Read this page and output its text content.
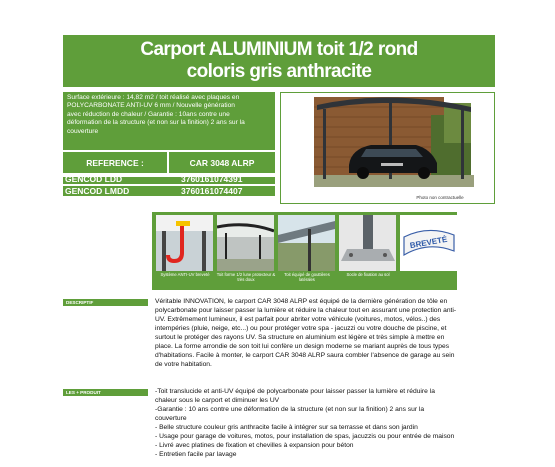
Carport ALUMINIUM toit 1/2 rond
coloris gris anthracite
Surface extérieure : 14,82 m2 / toit réalisé avec plaques en
POLYCARBONATE ANTI-UV 6 mm / Nouvelle génération
avec réduction de chaleur / Garantie : 10ans contre une
déformation de la structure (et non sur la finition) 2 ans sur la
couverture
REFERENCE :	CAR 3048 ALRP
GENCOD LDD	3760161074391
GENCOD LMDD	3760161074407
Photo non contractuelle
Système ANTI-UV breveté	Toit forme 1/2 lune protecteur & très doux
Toit équipé de gouttières latérales
Socle de fixation au sol
BREVETÉ
DESCRIPTIF	Véritable INNOVATION, le carport CAR 3048 ALRP est équipé de la dernière génération de tôle en
polycarbonate pour laisser passer la lumière et réduire la chaleur tout en assurant une protection anti-
UV. Extrêmement lumineux, il est parfait pour abriter votre véhicule (voitures, motos, vélos..) des
intempéries (pluie, neige, etc...) ou pour protéger votre spa - jacuzzi ou votre douche de piscine, et
surtout le protéger des rayons UV. Sa structure en aluminium est légère et très simple à mettre en
place. La forme arrondie de son toit lui confère un design moderne se mariant auprès de tous types
d'habitations. Facile à monter, le carport CAR 3048 ALRP saura combler l'absence de garage au sein
de votre habitation.
LES + PRODUIT	-Toit translucide et anti-UV équipé de polycarbonate pour laisser passer la lumière et réduire la
chaleur sous le carport et diminuer les UV
-Garantie : 10 ans contre une déformation de la structure (et non sur la finition) 2 ans sur la
couverture
- Belle structure couleur gris anthracite facile à intégrer sur sa terrasse et dans son jardin
- Usage pour garage de voitures, motos, pour installation de spas, jacuzzis ou pour entrée de maison
- Livré avec platines de fixation et chevilles à expansion pour béton
- Entretien facile par lavage
